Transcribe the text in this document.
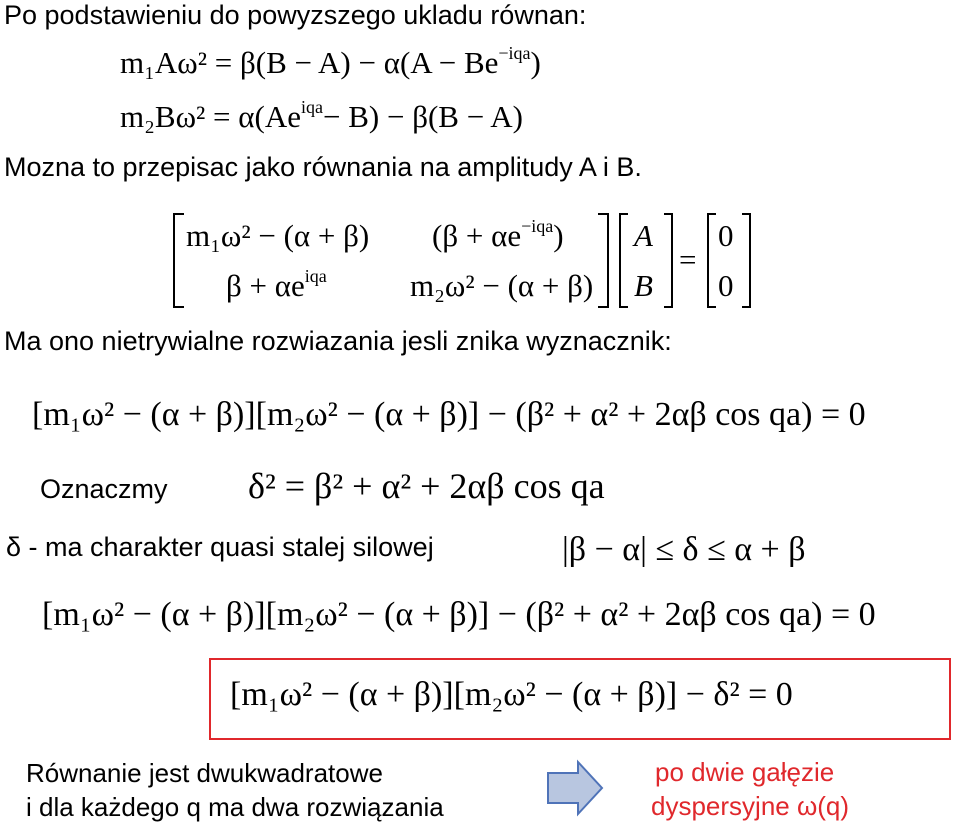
Po podstawieniu do powyzszego ukladu równan:
$m_1A\omega^2 = \beta(B - A) - \alpha(A - Be^{-iqa})$
$m_2B\omega^2 = \alpha(Ae^{iqa}- B) - \beta(B - A)$
Mozna to przepisac jako równania na amplitudy A i B.
m₁ω² − (α + β) $(\beta + \alpha e^{-iqa})$
$\beta + \alpha e^{iqa}$	m₂ω² − (α + β)
A
B
=
0
0
Ma ono nietrywialne rozwiazania jesli znika wyznacznik:
[m₁ω² − (α + β)][m₂ω² − (α + β)] − (β² + α² + 2αβ cos qa) = 0
Oznaczmy δ² = β² + α² + 2αβ cos qa
δ - ma charakter quasi stalej silowej	|β − α| ≤ δ ≤ α + β
[m₁ω² − (α + β)][m₂ω² − (α + β)] − (β² + α² + 2αβ cos qa) = 0
[m₁ω² − (α + β)][m₂ω² − (α + β)] − δ² = 0
Równanie jest dwukwadratowe
i dla każdego q ma dwa rozwiązania
po dwie gałęzie
dyspersyjne ω(q)
